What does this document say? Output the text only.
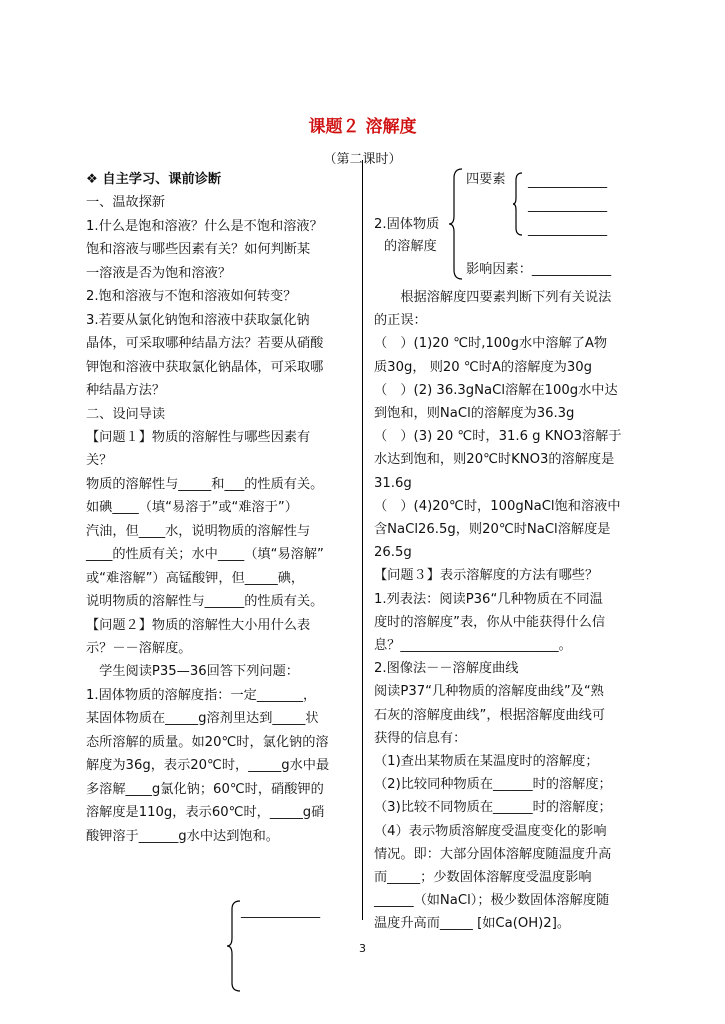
课题２ 溶解度
（第二课时）
❖ 自主学习、课前诊断
一、温故探新
1.什么是饱和溶液？什么是不饱和溶液？
饱和溶液与哪些因素有关？如何判断某
一溶液是否为饱和溶液？
2.饱和溶液与不饱和溶液如何转变？
3.若要从氯化钠饱和溶液中获取氯化钠
晶体，可采取哪种结晶方法？若要从硝酸
钾饱和溶液中获取氯化钠晶体，可采取哪
种结晶方法？
二、设问导读
【问题１】物质的溶解性与哪些因素有
关？
物质的溶解性与_____和___的性质有关。
如碘____（填“易溶于”或“难溶于”）
汽油，但____水，说明物质的溶解性与
____的性质有关；水中____（填“易溶解”
或“难溶解”）高锰酸钾，但_____碘，
说明物质的溶解性与______的性质有关。
【问题２】物质的溶解性大小用什么表
示？－－溶解度。
　学生阅读P35—36回答下列问题：
1.固体物质的溶解度指：一定_______，
某固体物质在_____g溶剂里达到_____状
态所溶解的质量。如20℃时，氯化钠的溶
解度为36g，表示20℃时，_____g水中最
多溶解____g氯化钠；60℃时，硝酸钾的
溶解度是110g，表示60℃时，_____g硝
酸钾溶于______g水中达到饱和。
2.固体物质
的溶解度
四要素 ____________
____________
____________
影响因素：____________
　　根据溶解度四要素判断下列有关说法
的正误：
（　）(1)20 ℃时,100g水中溶解了A物
质30g， 则20 ℃时A的溶解度为30g
（　）(2) 36.3gNaCl溶解在100g水中达
到饱和，则NaCl的溶解度为36.3g
（　）(3) 20 ℃时，31.6 g KNO3溶解于
水达到饱和，则20℃时KNO3的溶解度是
31.6g
（　）(4)20℃时，100gNaCl饱和溶液中
含NaCl26.5g，则20℃时NaCl溶解度是
26.5g
【问题３】表示溶解度的方法有哪些？
1.列表法：阅读P36“几种物质在不同温
度时的溶解度”表，你从中能获得什么信
息？________________________。
2.图像法－－溶解度曲线
阅读P37“几种物质的溶解度曲线”及“熟
石灰的溶解度曲线”，根据溶解度曲线可
获得的信息有：
（1)查出某物质在某温度时的溶解度；
（2)比较同种物质在______时的溶解度；
（3)比较不同物质在______时的溶解度；
（4）表示物质溶解度受温度变化的影响
情况。即：大部分固体溶解度随温度升高
而_____；少数固体溶解度受温度影响
______（如NaCl）；极少数固体溶解度随
温度升高而_____ [如Ca(OH)2]。
____________
3
